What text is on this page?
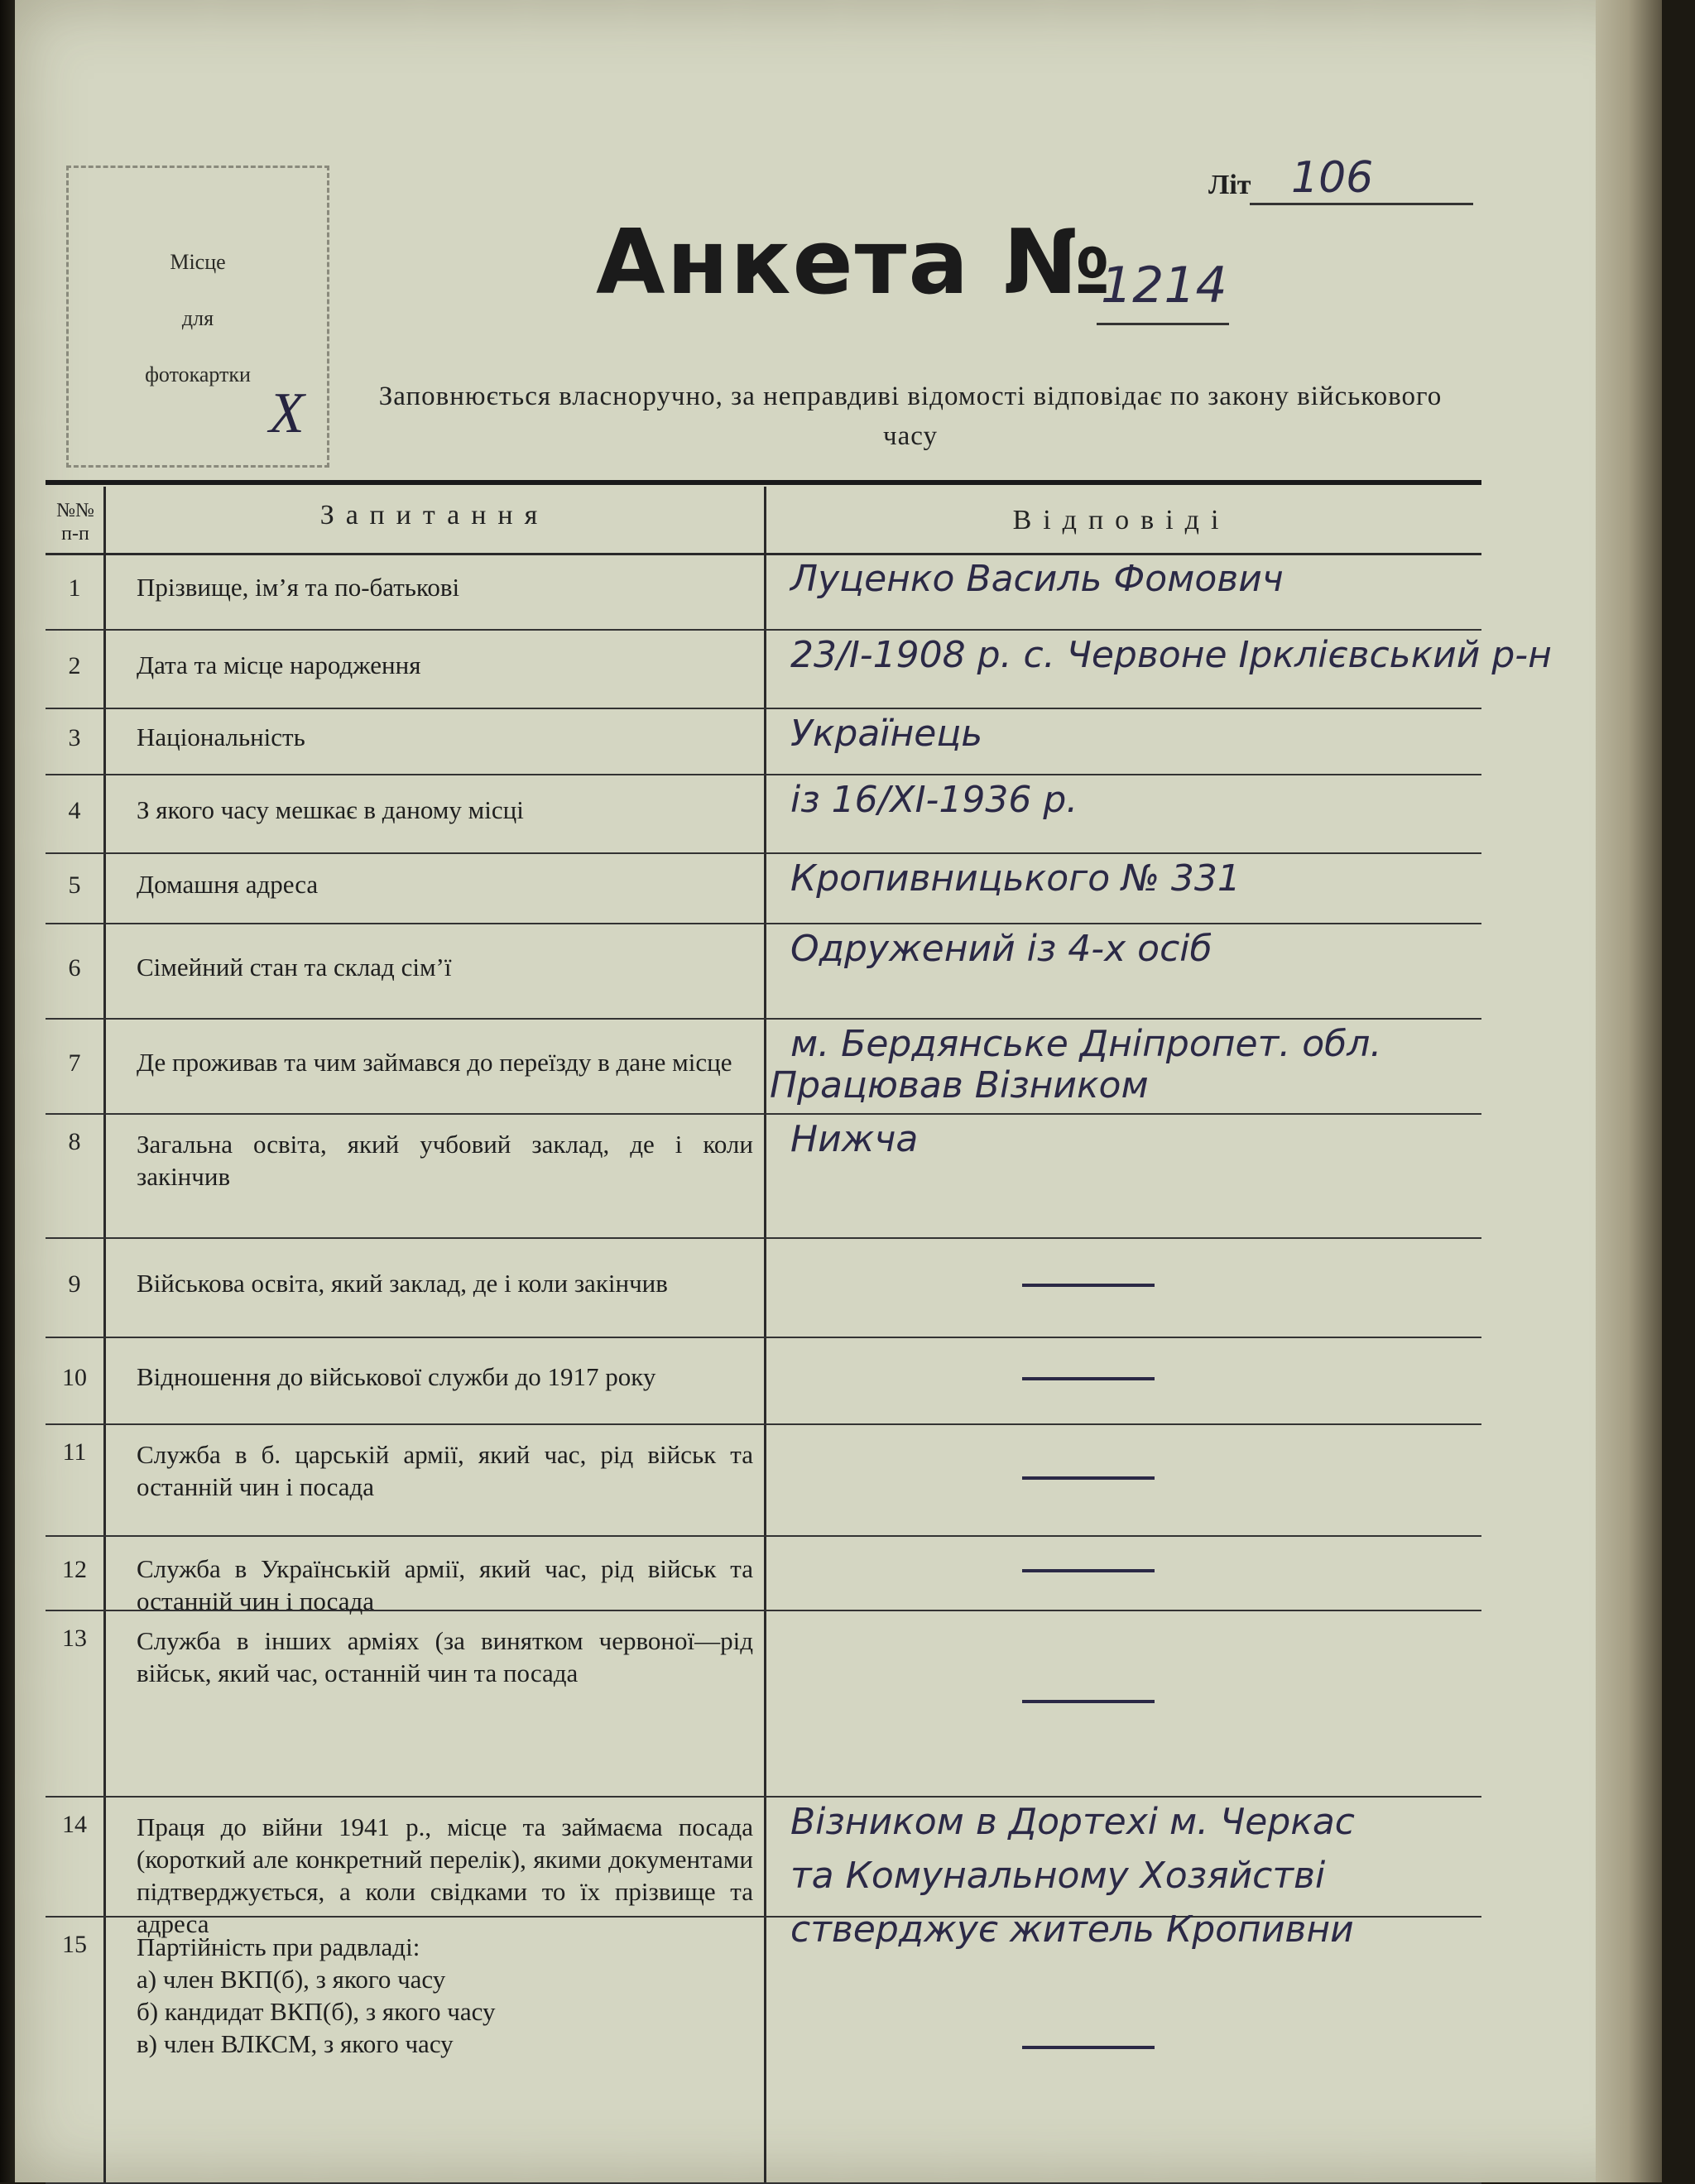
Місце
для
фотокартки
Х
Літ 106
Анкета №
1214
Заповнюється власноручно, за неправдиві відомості відповідає по закону військового часу
№№ п-п
Запитання	Відповіді
1	Прізвище, ім’я та по-батькові	Луценко Василь Фомович
2	Дата та місце народження	23/I-1908 р. с. Червоне Ірклієвський р-н
3	Національність	Українець
4	З якого часу мешкає в даному місці	із 16/XI-1936 р.
5	Домашня адреса	Кропивницького № 331
6	Сімейний стан та склад сім’ї	Одружений із 4-х осіб
7	Де проживав та чим займався до переїзду в дане місце	м. Бердянське Дніпропет. обл.
Працював Візником
8	Загальна освіта, який учбовий заклад, де і коли закінчив
Нижча
9	Військова освіта, який заклад, де і коли закінчив
10	Відношення до військової служби до 1917 року
11	Служба в б. царській армії, який час, рід військ та останній чин і посада
12	Служба в Українській армії, який час, рід військ та останній чин і посада
13	Служба в інших арміях (за винятком червоної—рід військ, який час, останній чин та посада
14	Праця до війни 1941 р., місце та займаєма посада (короткий але конкретний перелік), якими документами підтверджується, а коли свідками то їх прізвище та адреса
Візником в Дортехі м. Черкас
та Комунальному Хозяйстві
стверджує житель Кропивни
15	Партійність при радвладі:
а) член ВКП(б), з якого часу
б) кандидат ВКП(б), з якого часу
в) член ВЛКСМ, з якого часу
